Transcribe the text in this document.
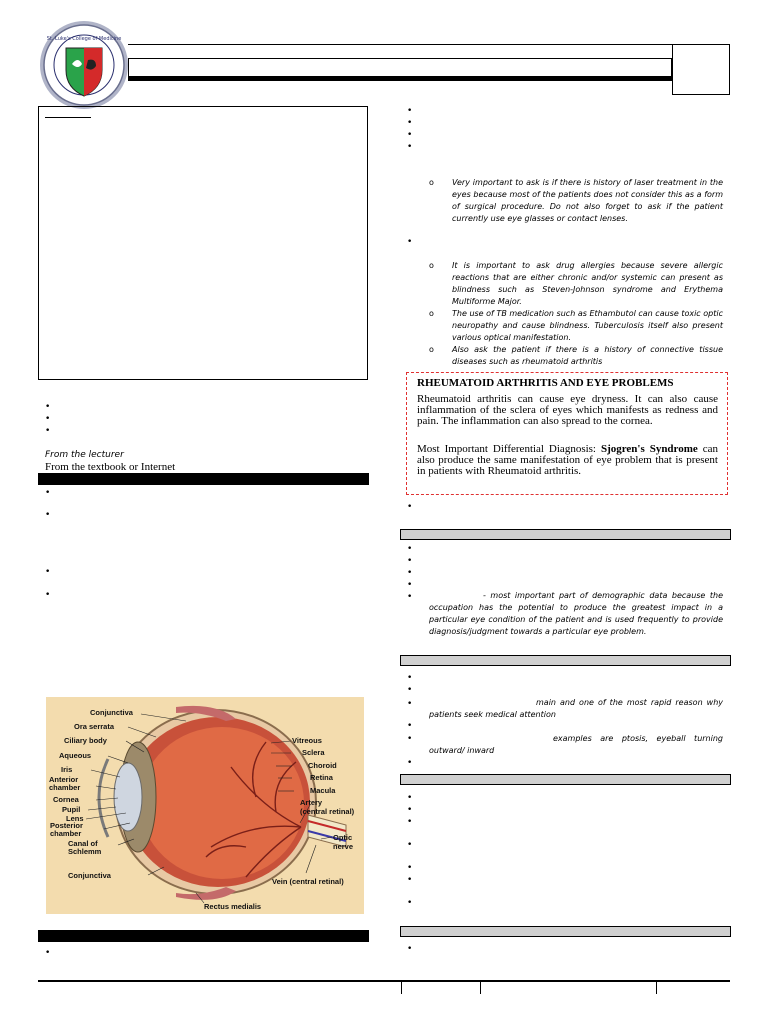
St. Luke's College of Medicine
•
•
•
From the lecturer
From the textbook or Internet
•
•
•
•
Conjunctiva
Ora serrata
Ciliary body
Aqueous
Iris
Anterior
chamber
Cornea
Pupil
Lens
Posterior
chamber
Canal of
Schlemm
Conjunctiva
Vitreous
Sclera
Choroid
Retina
Macula
Artery
(central retinal)
Optic
nerve
Vein (central retinal)
Rectus medialis
•
•
•
•
•
o Very important to ask is if there is history of laser treatment in the eyes because most of the patients does not consider this as a form of surgical procedure. Do not also forget to ask if the patient currently use eye glasses or contact lenses.
•
o It is important to ask drug allergies because severe allergic reactions that are either chronic and/or systemic can present as blindness such as Steven-Johnson syndrome and Erythema Multiforme Major.
o The use of TB medication such as Ethambutol can cause toxic optic neuropathy and cause blindness. Tuberculosis itself also present various optical manifestation.
o Also ask the patient if there is a history of connective tissue diseases such as rheumatoid arthritis
RHEUMATOID ARTHRITIS AND EYE PROBLEMS
Rheumatoid arthritis can cause eye dryness. It can also cause inflammation of the sclera of eyes which manifests as redness and pain. The inflammation can also spread to the cornea.
Most Important Differential Diagnosis: Sjogren's Syndrome can also produce the same manifestation of eye problem that is present in patients with Rheumatoid arthritis.
•
•
•
•
•
•	- most important part of demographic data because the occupation has the potential to produce the greatest impact in a particular eye condition of the patient and is used frequently to provide diagnosis/judgment towards a particular eye problem.
•
•
•	main and one of the most rapid reason why patients seek medical attention
•
•	examples are ptosis, eyeball turning outward/ inward
•
•
•
•
•
•
•
•
•
